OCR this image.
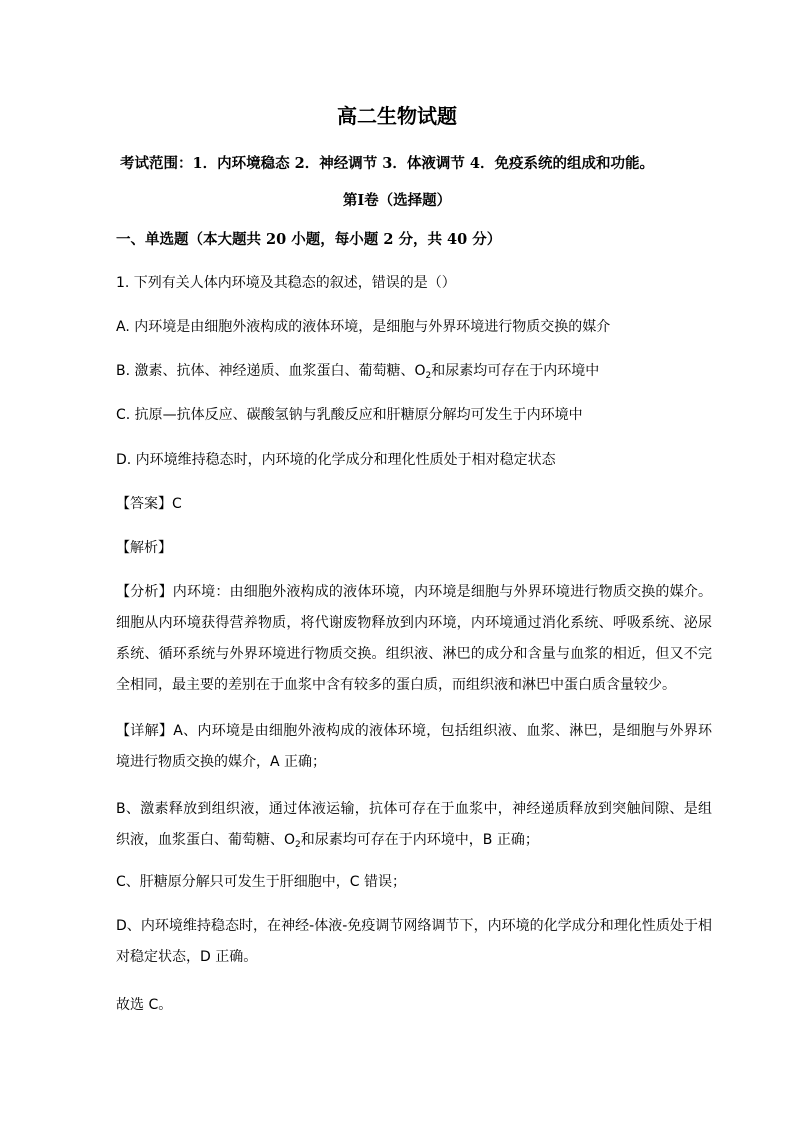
高二生物试题
考试范围：1．内环境稳态 2．神经调节 3．体液调节 4．免疫系统的组成和功能。
第Ⅰ卷（选择题）
一、单选题（本大题共 20 小题，每小题 2 分，共 40 分）
1. 下列有关人体内环境及其稳态的叙述，错误的是（）
A. 内环境是由细胞外液构成的液体环境，是细胞与外界环境进行物质交换的媒介
B. 激素、抗体、神经递质、血浆蛋白、葡萄糖、$O_2$和尿素均可存在于内环境中
C. 抗原—抗体反应、碳酸氢钠与乳酸反应和肝糖原分解均可发生于内环境中
D. 内环境维持稳态时，内环境的化学成分和理化性质处于相对稳定状态
【答案】C
【解析】
【分析】内环境：由细胞外液构成的液体环境，内环境是细胞与外界环境进行物质交换的媒介。细胞从内环境获得营养物质，将代谢废物释放到内环境，内环境通过消化系统、呼吸系统、泌尿系统、循环系统与外界环境进行物质交换。组织液、淋巴的成分和含量与血浆的相近，但又不完全相同，最主要的差别在于血浆中含有较多的蛋白质，而组织液和淋巴中蛋白质含量较少。
【详解】A、内环境是由细胞外液构成的液体环境，包括组织液、血浆、淋巴，是细胞与外界环境进行物质交换的媒介，A 正确；
B、激素释放到组织液，通过体液运输，抗体可存在于血浆中，神经递质释放到突触间隙、是组织液，血浆蛋白、葡萄糖、$O_2$和尿素均可存在于内环境中，B 正确；
C、肝糖原分解只可发生于肝细胞中，C 错误；
D、内环境维持稳态时，在神经-体液-免疫调节网络调节下，内环境的化学成分和理化性质处于相对稳定状态，D 正确。
故选 C。
